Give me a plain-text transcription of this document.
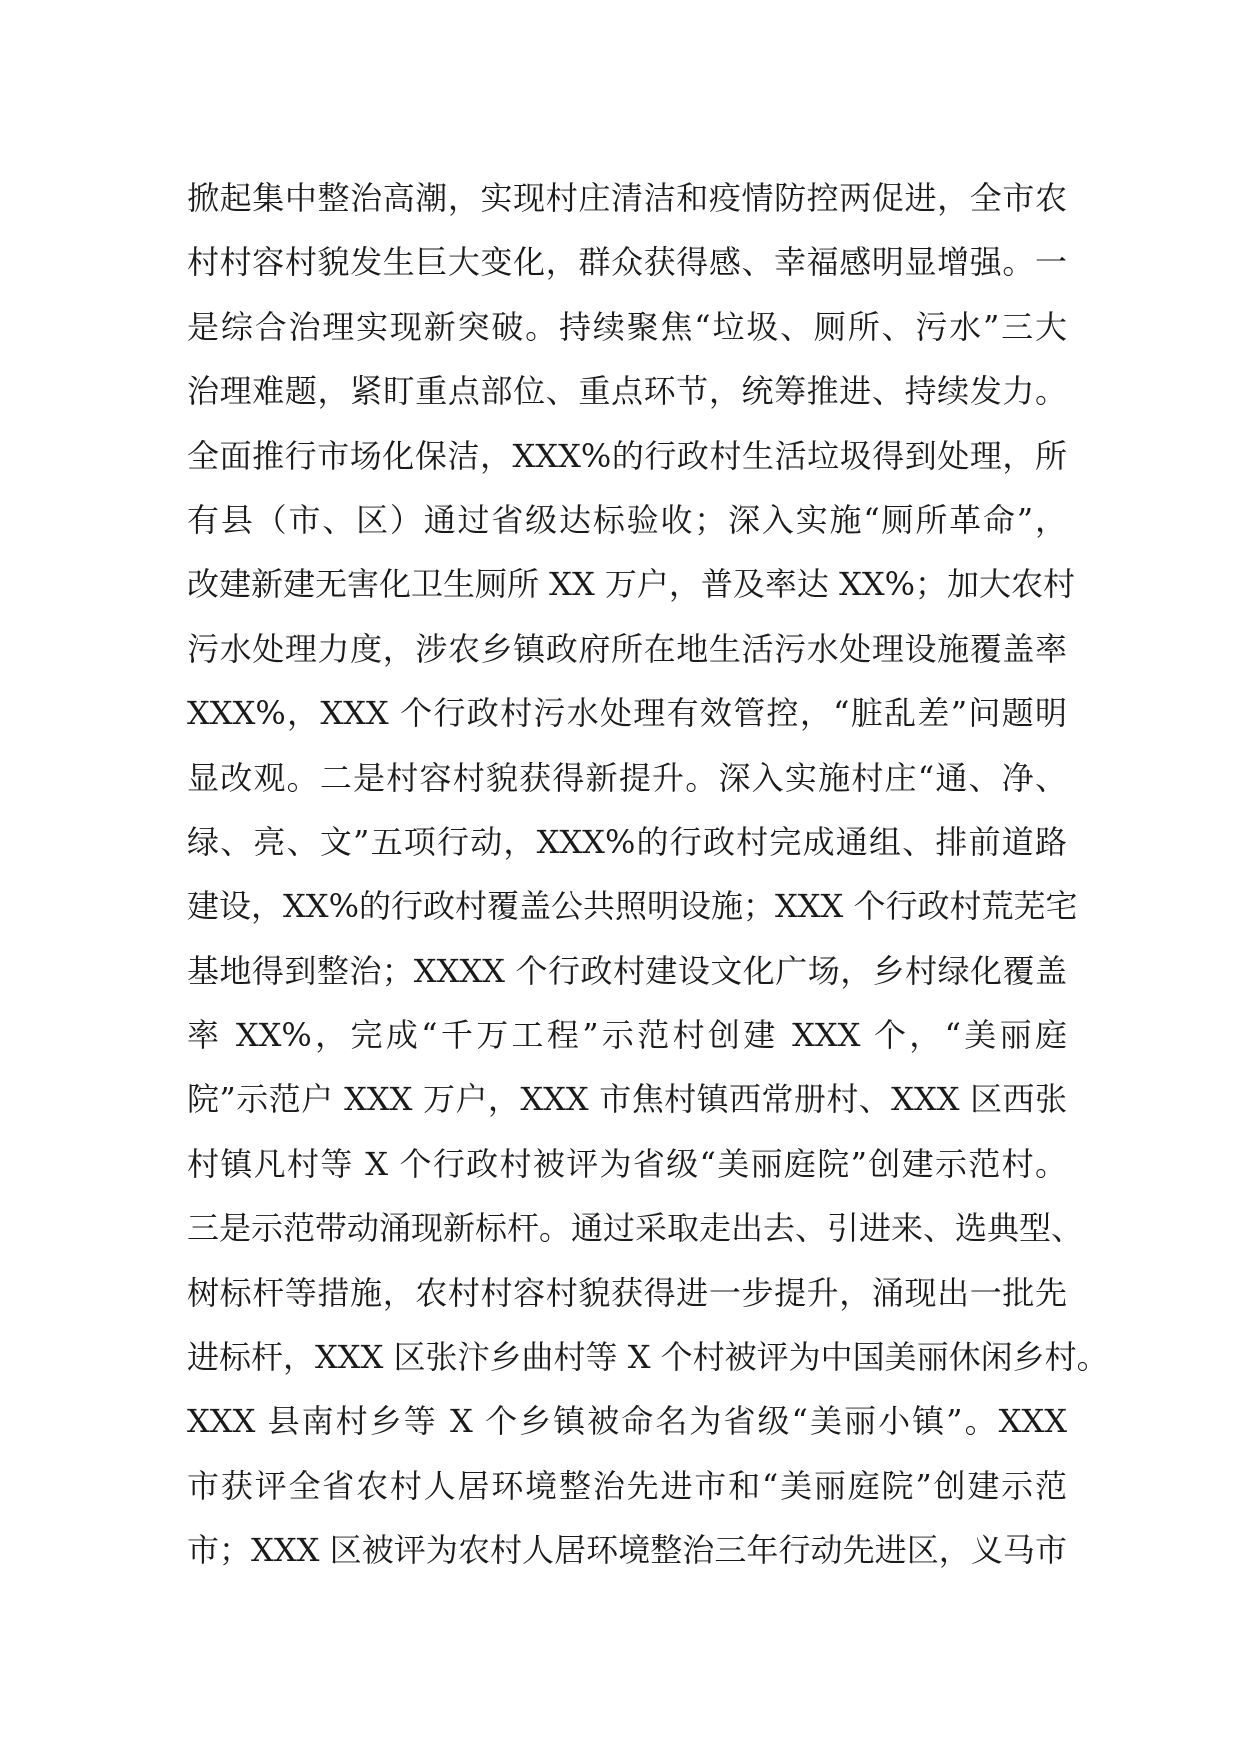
掀起集中整治高潮，实现村庄清洁和疫情防控两促进，全市农
村村容村貌发生巨大变化，群众获得感、幸福感明显增强。一
是综合治理实现新突破。持续聚焦“垃圾、厕所、污水”三大
治理难题，紧盯重点部位、重点环节，统筹推进、持续发力。
全面推行市场化保洁，XXX%的行政村生活垃圾得到处理，所
有县（市、区）通过省级达标验收；深入实施“厕所革命”，
改建新建无害化卫生厕所 XX 万户，普及率达 XX%；加大农村
污水处理力度，涉农乡镇政府所在地生活污水处理设施覆盖率
XXX%，XXX 个行政村污水处理有效管控，“脏乱差”问题明
显改观。二是村容村貌获得新提升。深入实施村庄“通、净、
绿、亮、文”五项行动，XXX%的行政村完成通组、排前道路
建设，XX%的行政村覆盖公共照明设施；XXX 个行政村荒芜宅
基地得到整治；XXXX 个行政村建设文化广场，乡村绿化覆盖
率 XX%，完成“千万工程”示范村创建 XXX 个，“美丽庭
院”示范户 XXX 万户，XXX 市焦村镇西常册村、XXX 区西张
村镇凡村等 X 个行政村被评为省级“美丽庭院”创建示范村。
三是示范带动涌现新标杆。通过采取走出去、引进来、选典型、
树标杆等措施，农村村容村貌获得进一步提升，涌现出一批先
进标杆，XXX 区张汴乡曲村等 X 个村被评为中国美丽休闲乡村。
XXX 县南村乡等 X 个乡镇被命名为省级“美丽小镇”。XXX
市获评全省农村人居环境整治先进市和“美丽庭院”创建示范
市；XXX 区被评为农村人居环境整治三年行动先进区，义马市
